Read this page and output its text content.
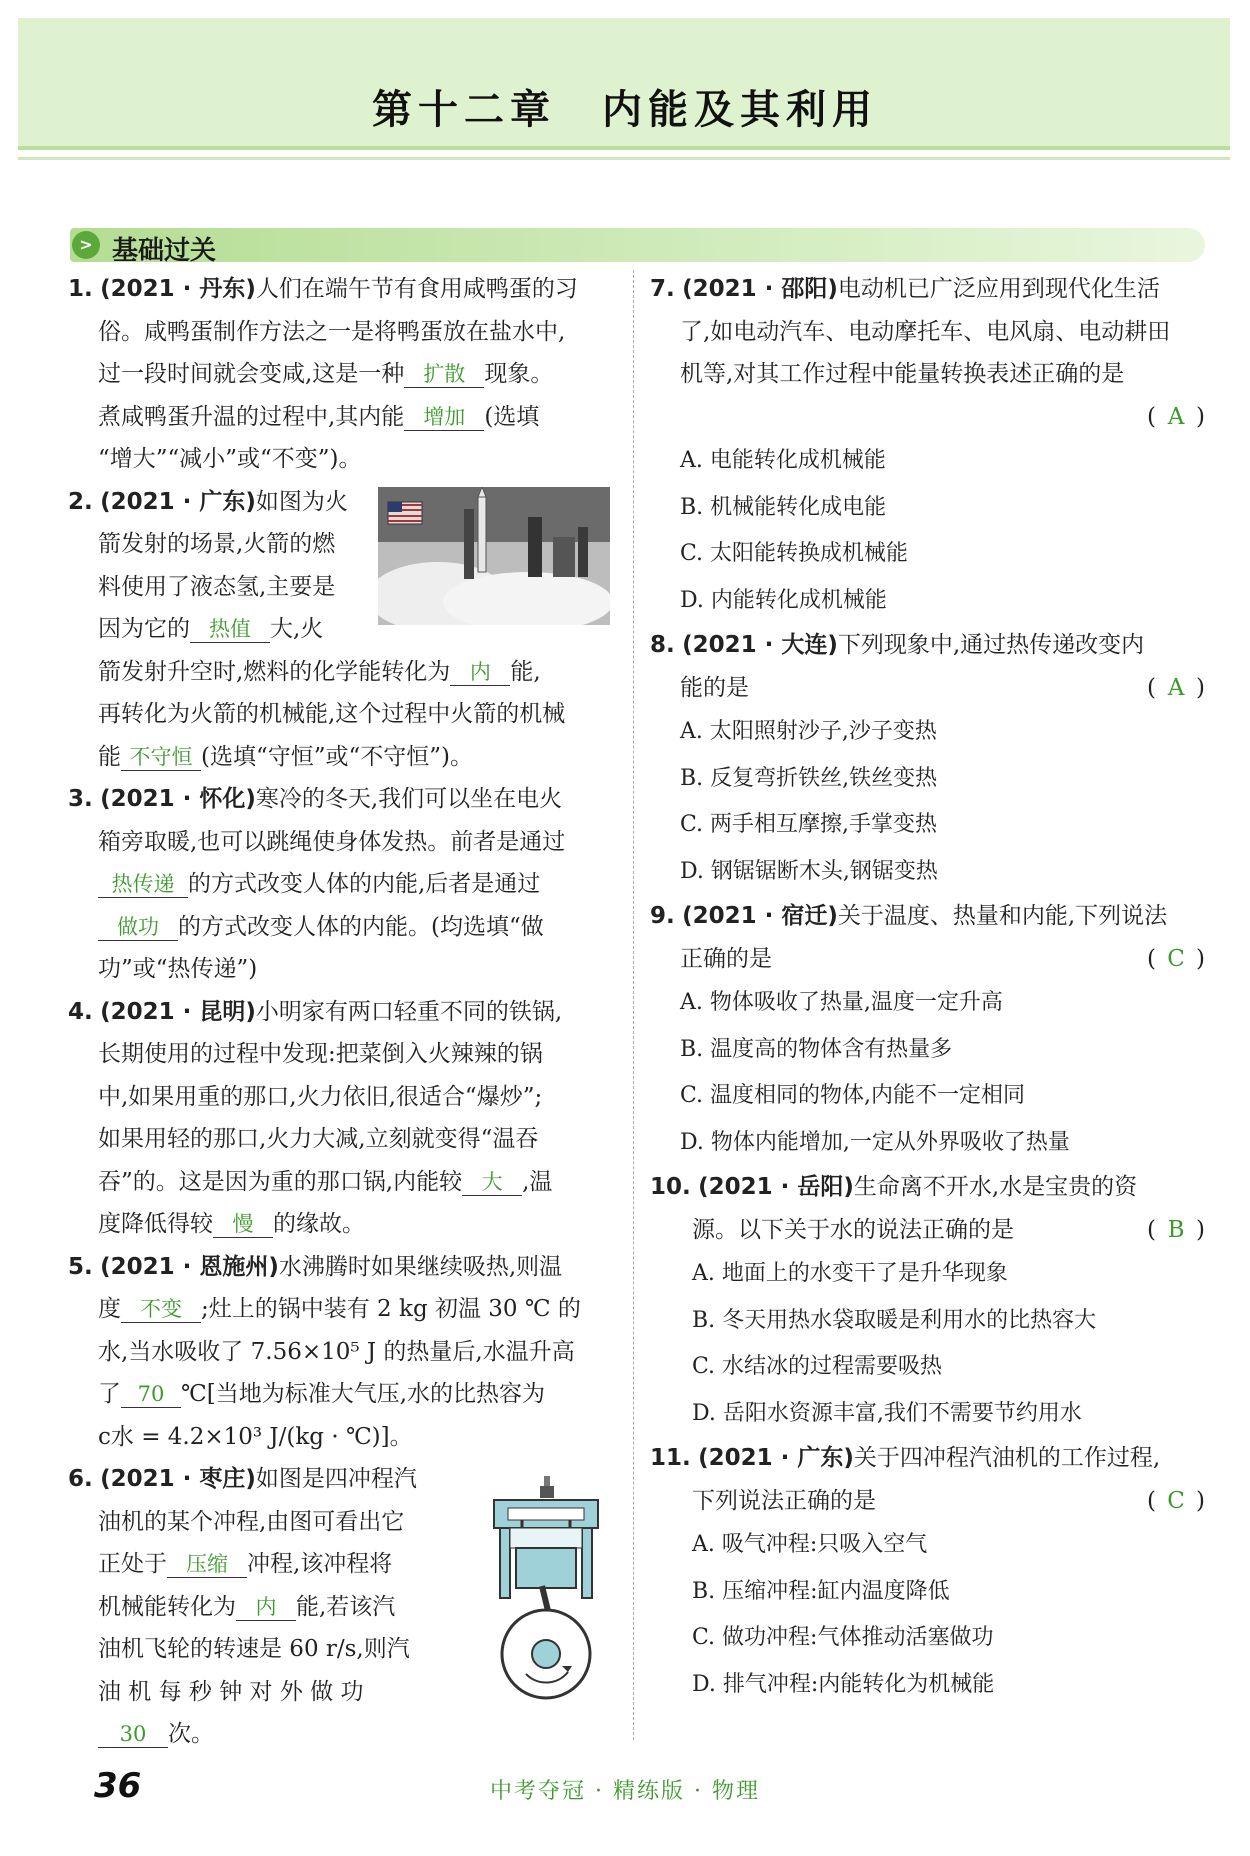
第十二章　内能及其利用
> 基础过关

1. (2021 · 丹东)人们在端午节有食用咸鸭蛋的习

俗。咸鸭蛋制作方法之一是将鸭蛋放在盐水中,

过一段时间就会变咸,这是一种 扩散 现象。

煮咸鸭蛋升温的过程中,其内能 增加 (选填

“增大”“减小”或“不变”)。

2. (2021 · 广东)如图为火

箭发射的场景,火箭的燃

料使用了液态氢,主要是

因为它的 热值 大,火

箭发射升空时,燃料的化学能转化为 内 能,

再转化为火箭的机械能,这个过程中火箭的机械

能 不守恒 (选填“守恒”或“不守恒”)。

3. (2021 · 怀化)寒冷的冬天,我们可以坐在电火

箱旁取暖,也可以跳绳使身体发热。前者是通过

热传递 的方式改变人体的内能,后者是通过

做功 的方式改变人体的内能。(均选填“做

功”或“热传递”)

4. (2021 · 昆明)小明家有两口轻重不同的铁锅,

长期使用的过程中发现:把菜倒入火辣辣的锅

中,如果用重的那口,火力依旧,很适合“爆炒”;

如果用轻的那口,火力大减,立刻就变得“温吞

吞”的。这是因为重的那口锅,内能较 大 ,温

度降低得较 慢 的缘故。

5. (2021 · 恩施州)水沸腾时如果继续吸热,则温

度 不变 ;灶上的锅中装有 2 kg 初温 30 ℃ 的

水,当水吸收了 7.56×10⁵ J 的热量后,水温升高

了 70 ℃[当地为标准大气压,水的比热容为

c水 = 4.2×10³ J/(kg · ℃)]。

6. (2021 · 枣庄)如图是四冲程汽

油机的某个冲程,由图可看出它

正处于 压缩 冲程,该冲程将

机械能转化为 内 能,若该汽

油机飞轮的转速是 60 r/s,则汽

油 机 每 秒 钟 对 外 做 功

30 次。

7. (2021 · 邵阳)电动机已广泛应用到现代化生活

了,如电动汽车、电动摩托车、电风扇、电动耕田

机等,对其工作过程中能量转换表述正确的是

( A )

A. 电能转化成机械能

B. 机械能转化成电能

C. 太阳能转换成机械能

D. 内能转化成机械能

8. (2021 · 大连)下列现象中,通过热传递改变内

能的是	( A )

A. 太阳照射沙子,沙子变热

B. 反复弯折铁丝,铁丝变热

C. 两手相互摩擦,手掌变热

D. 钢锯锯断木头,钢锯变热

9. (2021 · 宿迁)关于温度、热量和内能,下列说法

正确的是	( C )

A. 物体吸收了热量,温度一定升高

B. 温度高的物体含有热量多

C. 温度相同的物体,内能不一定相同

D. 物体内能增加,一定从外界吸收了热量

10. (2021 · 岳阳)生命离不开水,水是宝贵的资

源。以下关于水的说法正确的是	( B )

A. 地面上的水变干了是升华现象

B. 冬天用热水袋取暖是利用水的比热容大

C. 水结冰的过程需要吸热

D. 岳阳水资源丰富,我们不需要节约用水

11. (2021 · 广东)关于四冲程汽油机的工作过程,

下列说法正确的是	( C )

A. 吸气冲程:只吸入空气

B. 压缩冲程:缸内温度降低

C. 做功冲程:气体推动活塞做功

D. 排气冲程:内能转化为机械能

36	中考夺冠 · 精练版 · 物理
